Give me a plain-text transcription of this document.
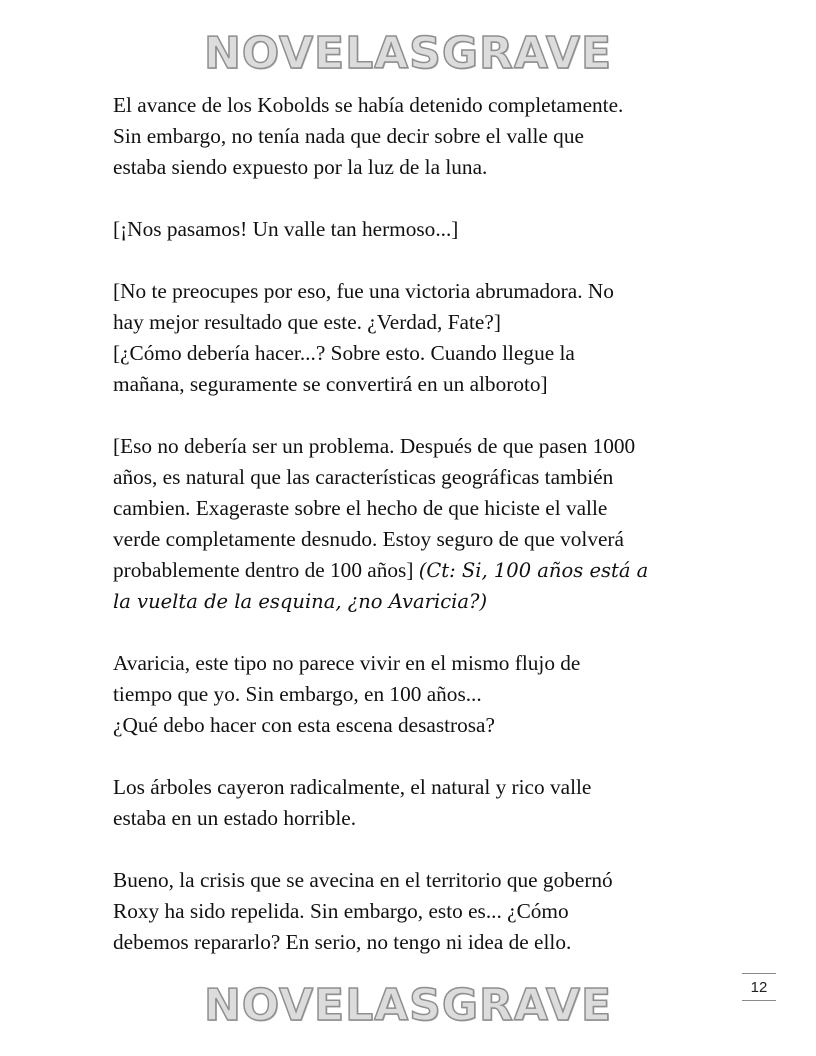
NOVELASGRAVE

El avance de los Kobolds se había detenido completamente.
Sin embargo, no tenía nada que decir sobre el valle que
estaba siendo expuesto por la luz de la luna.

[¡Nos pasamos! Un valle tan hermoso...]

[No te preocupes por eso, fue una victoria abrumadora. No
hay mejor resultado que este. ¿Verdad, Fate?]
[¿Cómo debería hacer...? Sobre esto. Cuando llegue la
mañana, seguramente se convertirá en un alboroto]

[Eso no debería ser un problema. Después de que pasen 1000
años, es natural que las características geográficas también
cambien. Exageraste sobre el hecho de que hiciste el valle
verde completamente desnudo. Estoy seguro de que volverá
probablemente dentro de 100 años] (Ct: Si, 100 años está a
la vuelta de la esquina, ¿no Avaricia?)

Avaricia, este tipo no parece vivir en el mismo flujo de
tiempo que yo. Sin embargo, en 100 años...
¿Qué debo hacer con esta escena desastrosa?

Los árboles cayeron radicalmente, el natural y rico valle
estaba en un estado horrible.

Bueno, la crisis que se avecina en el territorio que gobernó
Roxy ha sido repelida. Sin embargo, esto es... ¿Cómo
debemos repararlo? En serio, no tengo ni idea de ello.

12
NOVELASGRAVE
